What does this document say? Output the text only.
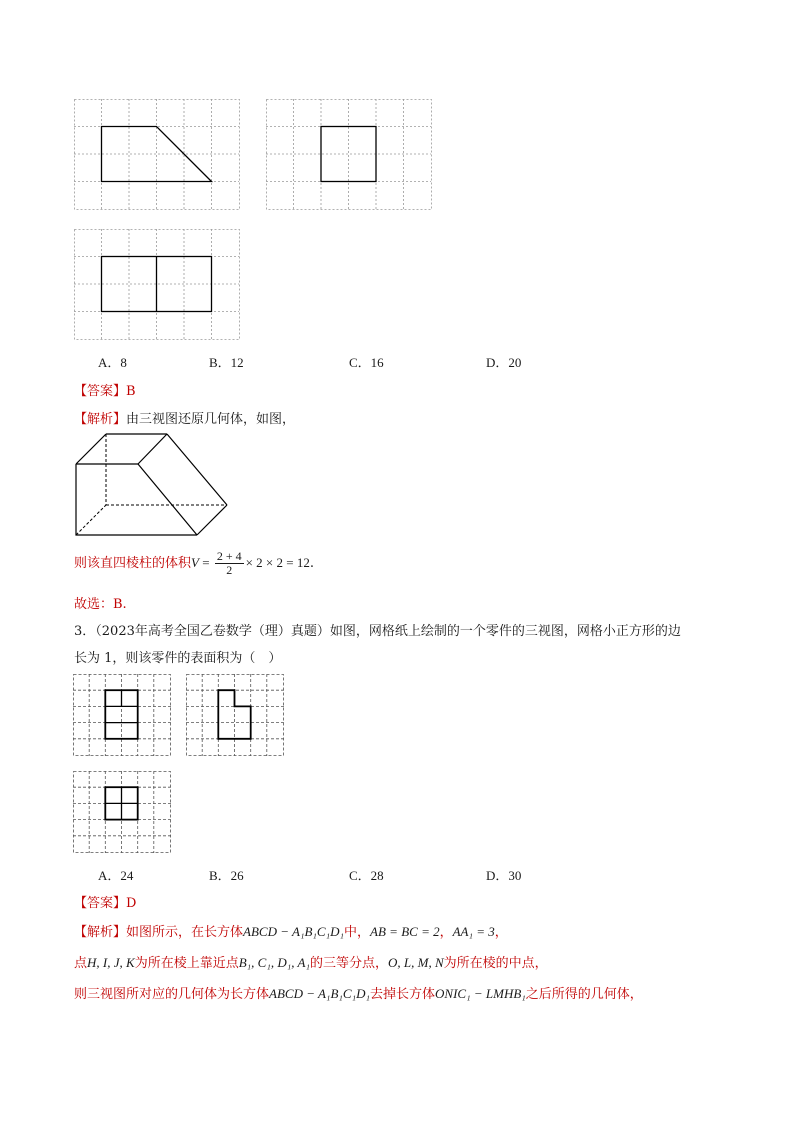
A．8	B．12	C．16	D．20
【答案】B
【解析】由三视图还原几何体，如图，
则该直四棱柱的体积$V = \frac{2 + 4}{2} \times 2 \times 2 = 12$.
故选：B.
3．（2023年高考全国乙卷数学（理）真题）如图，网格纸上绘制的一个零件的三视图，网格小正方形的边
长为 1，则该零件的表面积为（　）
A．24	B．26	C．28	D．30
【答案】D
【解析】如图所示，在长方体ABCD − A₁B₁C₁D₁中，AB = BC = 2，AA₁ = 3，
点H, I, J, K为所在棱上靠近点B₁, C₁, D₁, A₁的三等分点，O, L, M, N为所在棱的中点，
则三视图所对应的几何体为长方体ABCD − A₁B₁C₁D₁去掉长方体ONIC₁ − LMHB₁之后所得的几何体，
